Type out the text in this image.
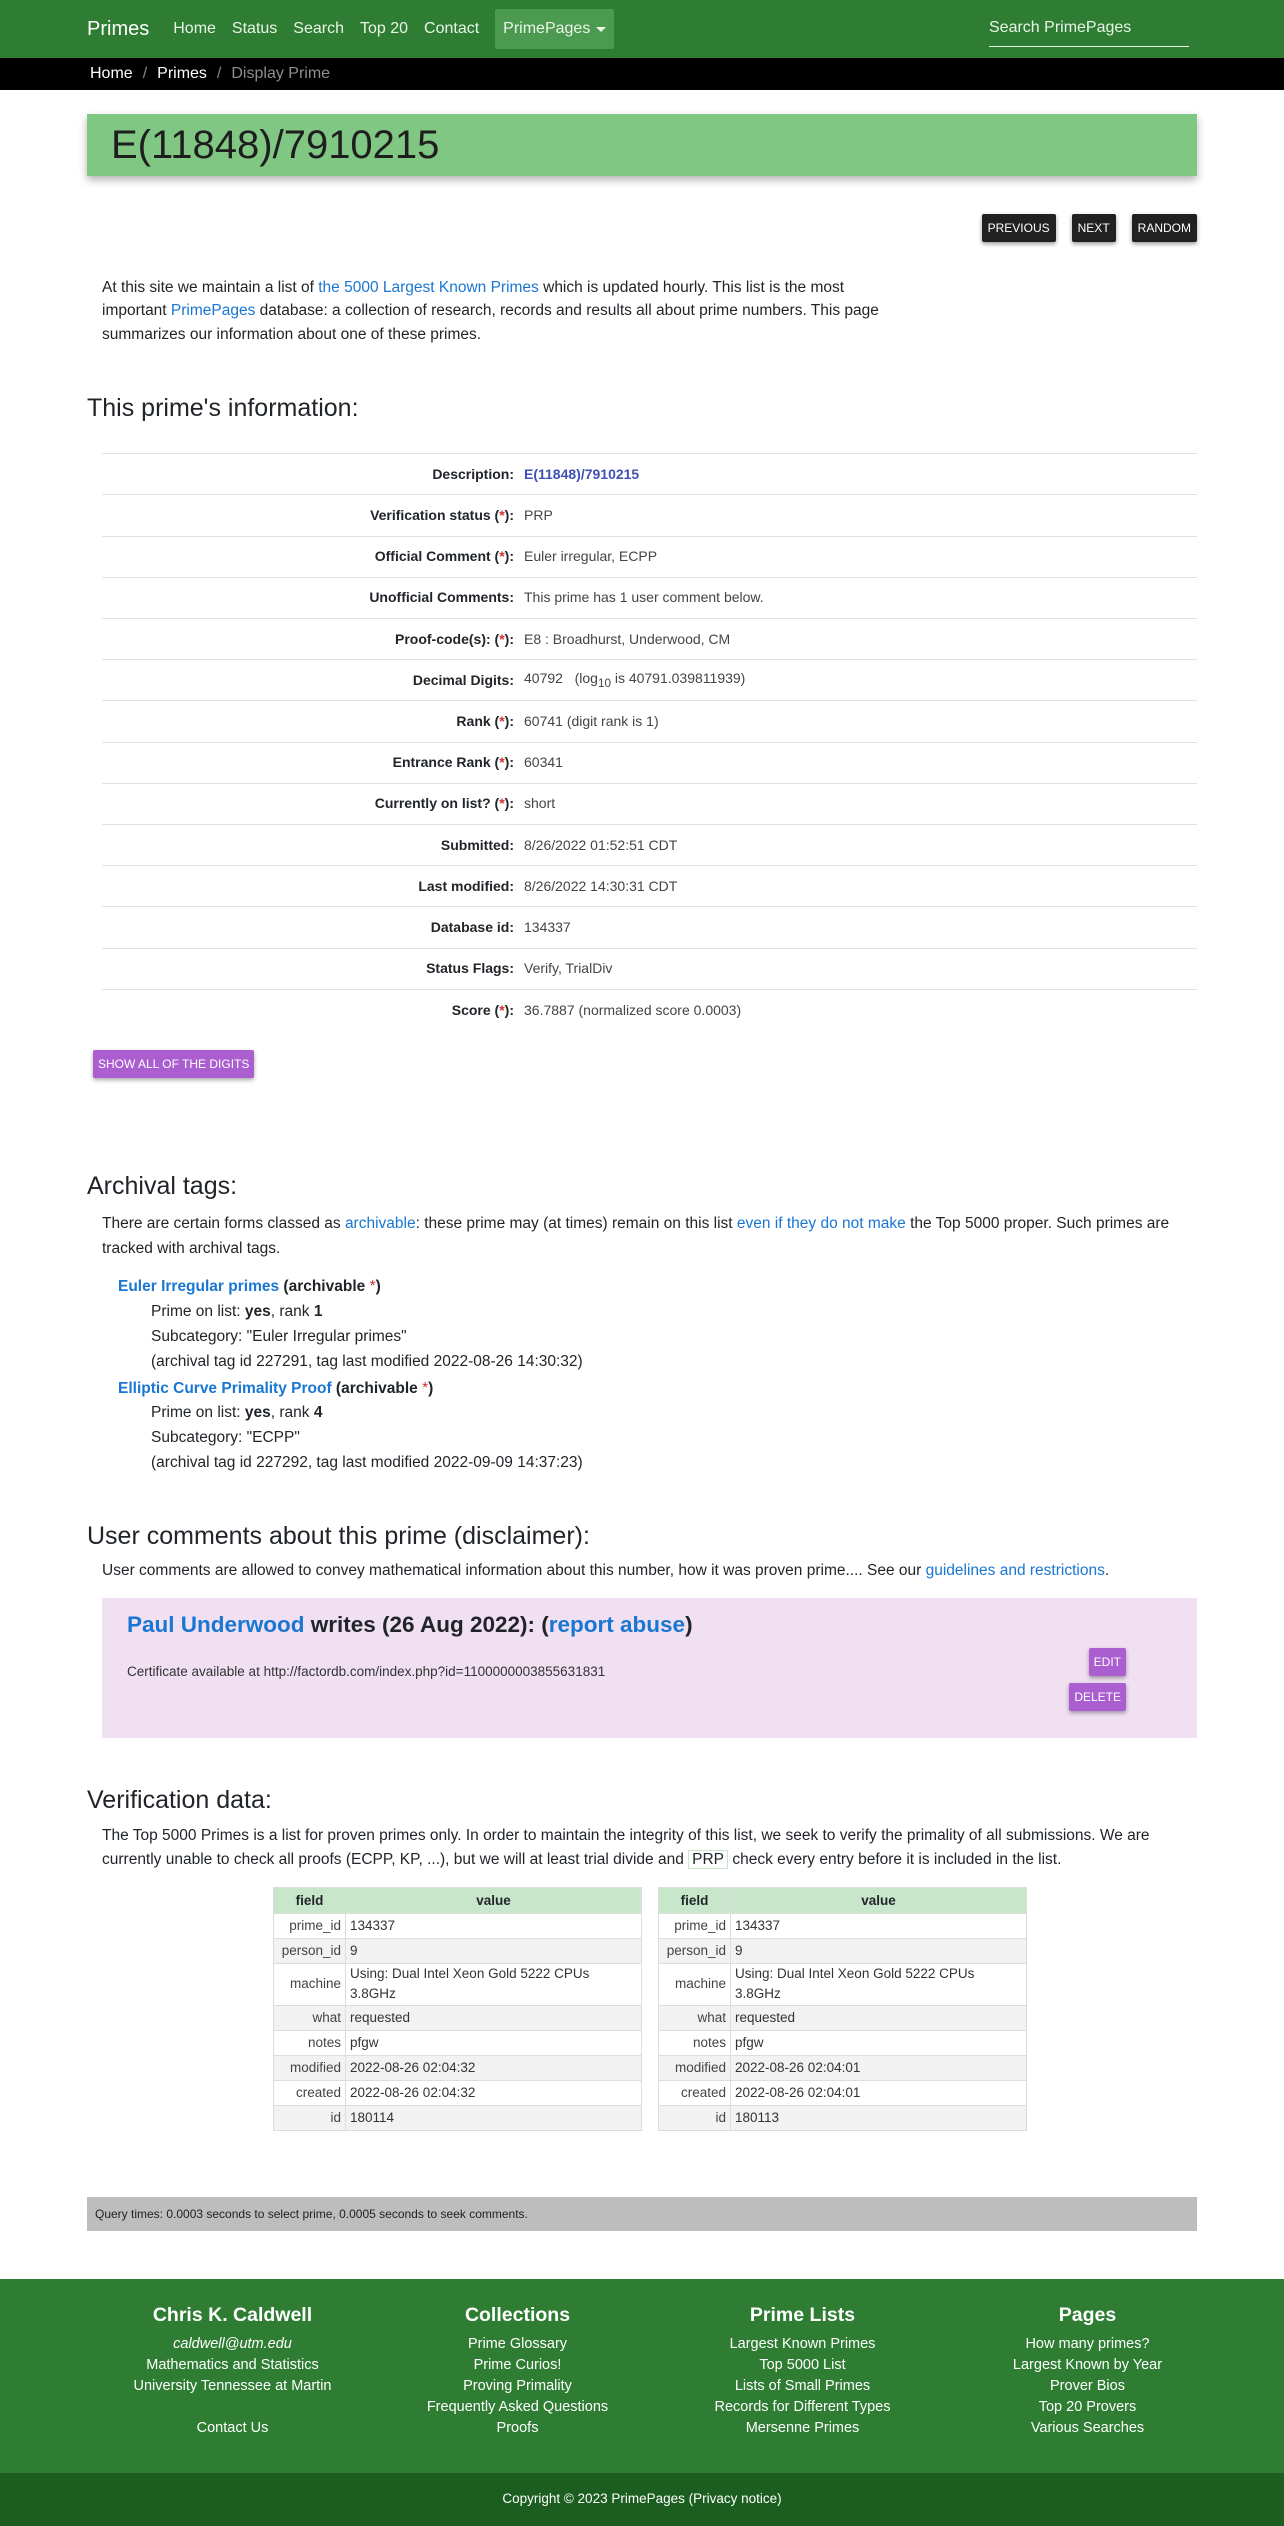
Primes Home Status Search Top 20 Contact PrimePages	Search PrimePages
Home / Primes / Display Prime
E(11848)/7910215
PREVIOUS	NEXT	RANDOM

At this site we maintain a list of the 5000 Largest Known Primes which is updated hourly. This list is the most important PrimePages database: a collection of research, records and results all about prime numbers. This page summarizes our information about one of these primes.

This prime's information:
Description:	E(11848)/7910215
Verification status (*):	PRP
Official Comment (*):	Euler irregular, ECPP
Unofficial Comments:	This prime has 1 user comment below.
Proof-code(s): (*):	E8 : Broadhurst, Underwood, CM
Decimal Digits:	40792 ($\log_{10}$ is 40791.039811939)
Rank (*):	60741 (digit rank is 1)
Entrance Rank (*):	60341
Currently on list? (*):	short
Submitted:	8/26/2022 01:52:51 CDT
Last modified:	8/26/2022 14:30:31 CDT
Database id:	134337
Status Flags:	Verify, TrialDiv
Score (*):	36.7887 (normalized score 0.0003)
SHOW ALL OF THE DIGITS
Archival tags:

There are certain forms classed as archivable: these prime may (at times) remain on this list even if they do not make the Top 5000 proper. Such primes are tracked with archival tags.

Euler Irregular primes (archivable *)
Prime on list: yes, rank 1
Subcategory: "Euler Irregular primes"
(archival tag id 227291, tag last modified 2022-08-26 14:30:32)
Elliptic Curve Primality Proof (archivable *)
Prime on list: yes, rank 4
Subcategory: "ECPP"
(archival tag id 227292, tag last modified 2022-09-09 14:37:23)
User comments about this prime (disclaimer):

User comments are allowed to convey mathematical information about this number, how it was proven prime.... See our guidelines and restrictions.

Paul Underwood writes (26 Aug 2022): (report abuse)
Certificate available at http://factordb.com/index.php?id=1100000003855631831
EDIT
DELETE
Verification data:

The Top 5000 Primes is a list for proven primes only. In order to maintain the integrity of this list, we seek to verify the primality of all submissions. We are currently unable to check all proofs (ECPP, KP, ...), but we will at least trial divide and PRP check every entry before it is included in the list.

field	value
prime_id	134337
person_id	9
machine	Using: Dual Intel Xeon Gold 5222 CPUs 3.8GHz
what	requested
notes	pfgw
modified	2022-08-26 02:04:32
created	2022-08-26 02:04:32
id	180114
field	value
prime_id	134337
person_id	9
machine	Using: Dual Intel Xeon Gold 5222 CPUs 3.8GHz
what	requested
notes	pfgw
modified	2022-08-26 02:04:01
created	2022-08-26 02:04:01
id	180113
Query times: 0.0003 seconds to select prime, 0.0005 seconds to seek comments.
Chris K. Caldwell
caldwell@utm.edu
Mathematics and Statistics
University Tennessee at Martin

Contact Us
Collections
Prime Glossary
Prime Curios!
Proving Primality
Frequently Asked Questions
Proofs
Prime Lists
Largest Known Primes
Top 5000 List
Lists of Small Primes
Records for Different Types
Mersenne Primes
Pages
How many primes?
Largest Known by Year
Prover Bios
Top 20 Provers
Various Searches
Copyright © 2023 PrimePages (Privacy notice)
